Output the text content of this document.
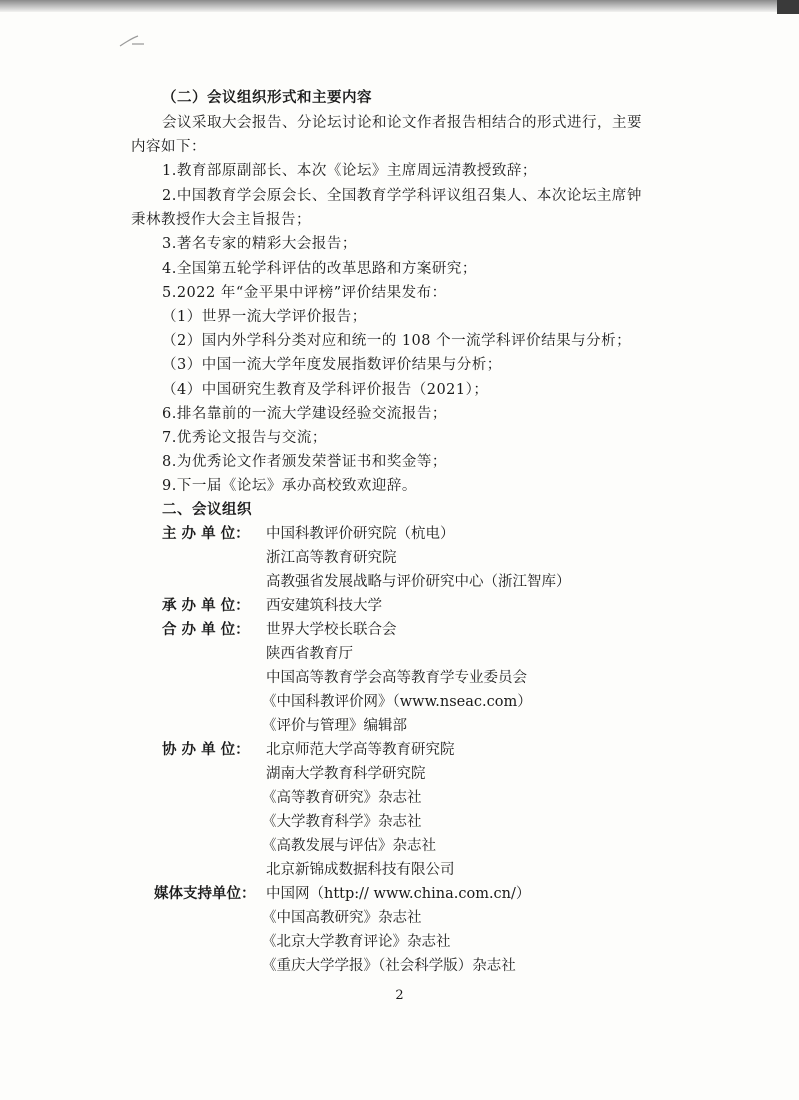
（二）会议组织形式和主要内容
会议采取大会报告、分论坛讨论和论文作者报告相结合的形式进行，主要
内容如下：
1.教育部原副部长、本次《论坛》主席周远清教授致辞；
2.中国教育学会原会长、全国教育学学科评议组召集人、本次论坛主席钟
秉林教授作大会主旨报告；
3.著名专家的精彩大会报告；
4.全国第五轮学科评估的改革思路和方案研究；
5.2022 年“金平果中评榜”评价结果发布：
（1）世界一流大学评价报告；
（2）国内外学科分类对应和统一的 108 个一流学科评价结果与分析；
（3）中国一流大学年度发展指数评价结果与分析；
（4）中国研究生教育及学科评价报告（2021）；
6.排名靠前的一流大学建设经验交流报告；
7.优秀论文报告与交流；
8.为优秀论文作者颁发荣誉证书和奖金等；
9.下一届《论坛》承办高校致欢迎辞。
二、会议组织
主 办 单 位： 中国科教评价研究院（杭电）
浙江高等教育研究院
高教强省发展战略与评价研究中心（浙江智库）
承 办 单 位： 西安建筑科技大学
合 办 单 位： 世界大学校长联合会
陕西省教育厅
中国高等教育学会高等教育学专业委员会
《中国科教评价网》（www.nseac.com）
《评价与管理》编辑部
协 办 单 位： 北京师范大学高等教育研究院
湖南大学教育科学研究院
《高等教育研究》杂志社
《大学教育科学》杂志社
《高教发展与评估》杂志社
北京新锦成数据科技有限公司
媒体支持单位： 中国网（http:// www.china.com.cn/）
《中国高教研究》杂志社
《北京大学教育评论》杂志社
《重庆大学学报》（社会科学版）杂志社
2
